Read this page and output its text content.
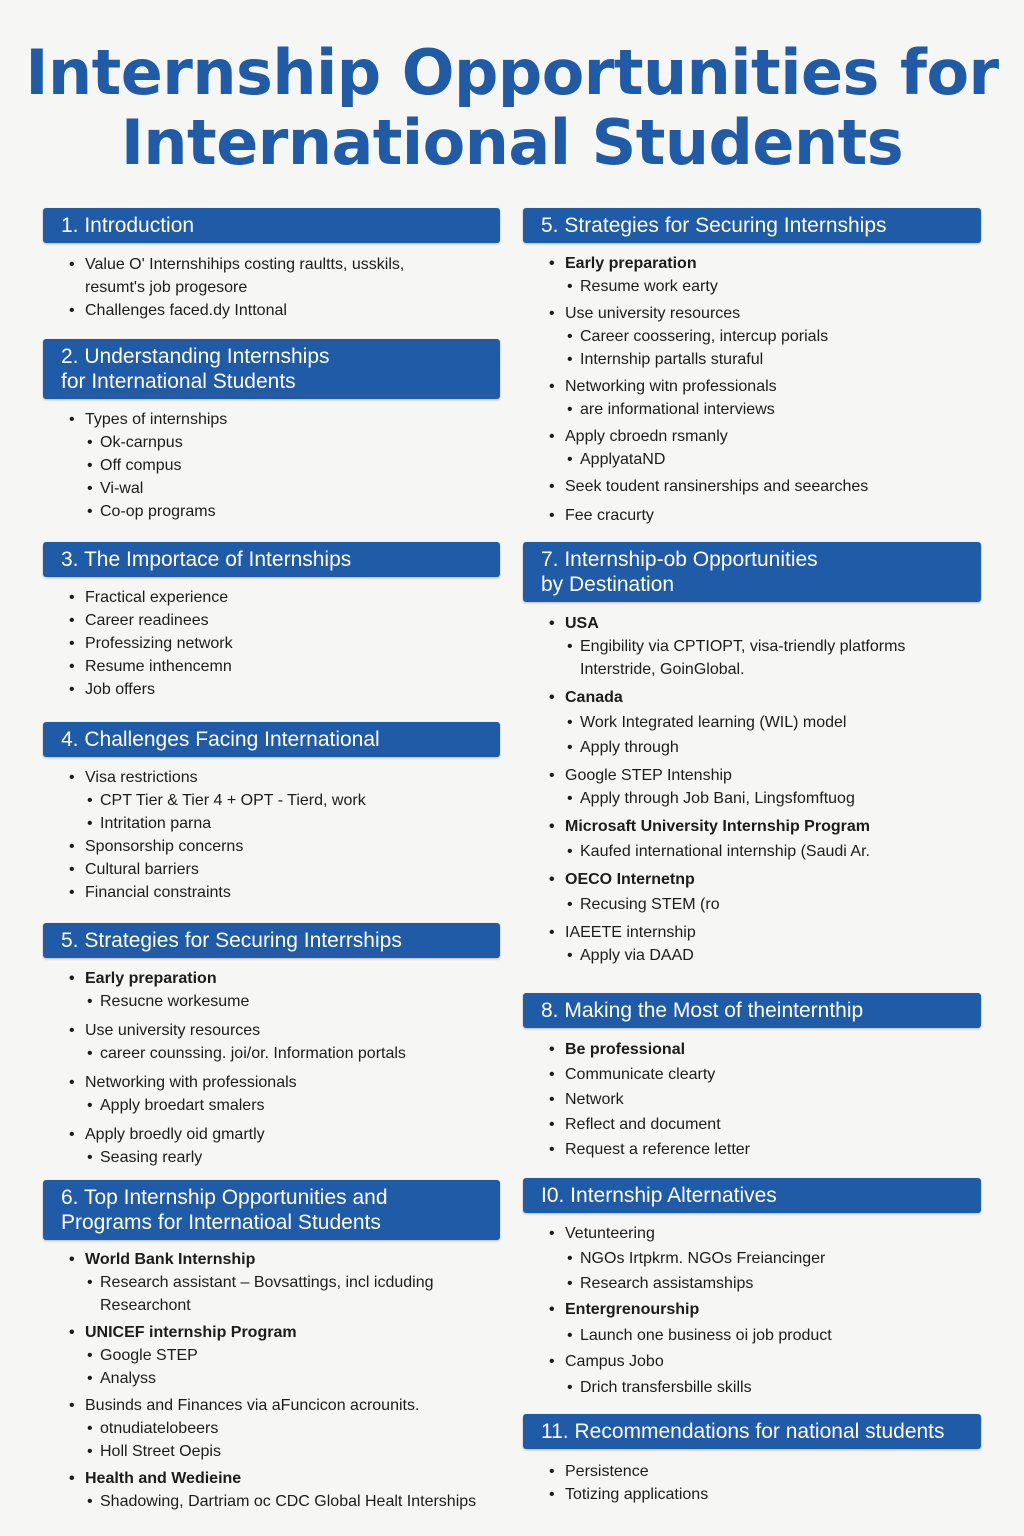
Internship Opportunities for
International Students
1. Introduction
• Value O' Internshihips costing raultts, usskils,
resumt's job progesore
• Challenges faced.dy Inttonal
2. Understanding Internships
for International Students
• Types of internships
• Ok-carnpus
• Off compus
• Vi-wal
• Co-op programs
3. The Importace of Internships
• Fractical experience
• Career readinees
• Professizing network
• Resume inthencemn
• Job offers
4. Challenges Facing International
• Visa restrictions
• CPT Tier & Tier 4 + OPT - Tierd, work
• Intritation parna
• Sponsorship concerns
• Cultural barriers
• Financial constraints
5. Strategies for Securing Interrships
• Early preparation
• Resucne workesume
• Use university resources
• career counssing. joi/or. Information portals
• Networking with professionals
• Apply broedart smalers
• Apply broedly oid gmartly
• Seasing rearly
6. Top Internship Opportunities and
Programs for Internatioal Students
• World Bank Internship
• Research assistant – Bovsattings, incl icduding
Researchont
• UNICEF internship Program
• Google STEP
• Analyss
• Businds and Finances via aFuncicon acrounits.
• otnudiatelobeers
• Holl Street Oepis
• Health and Wedieine
• Shadowing, Dartriam oc CDC Global Healt Interships
5. Strategies for Securing Internships
• Early preparation
• Resume work earty
• Use university resources
• Career coossering, intercup porials
• Internship partalls sturaful
• Networking witn professionals
• are informational interviews
• Apply cbroedn rsmanly
• ApplyataND
• Seek toudent ransinerships and seearches
• Fee cracurty
7. Internship-ob Opportunities
by Destination
• USA
• Engibility via CPTIOPT, visa-triendly platforms
Interstride, GoinGlobal.
• Canada
• Work Integrated learning (WIL) model
• Apply through
• Google STEP Intenship
• Apply through Job Bani, Lingsfomftuog
• Microsaft University Internship Program
• Kaufed international internship (Saudi Ar.
• OECO Internetnp
• Recusing STEM (ro
• IAEETE internship
• Apply via DAAD
8. Making the Most of theinternthip
• Be professional
• Communicate clearty
• Network
• Reflect and document
• Request a reference letter
I0. Internship Alternatives
• Vetunteering
• NGOs Irtpkrm. NGOs Freiancinger
• Research assistamships
• Entergrenourship
• Launch one business oi job product
• Campus Jobo
• Drich transfersbille skills
11. Recommendations for national students
• Persistence
• Totizing applications
